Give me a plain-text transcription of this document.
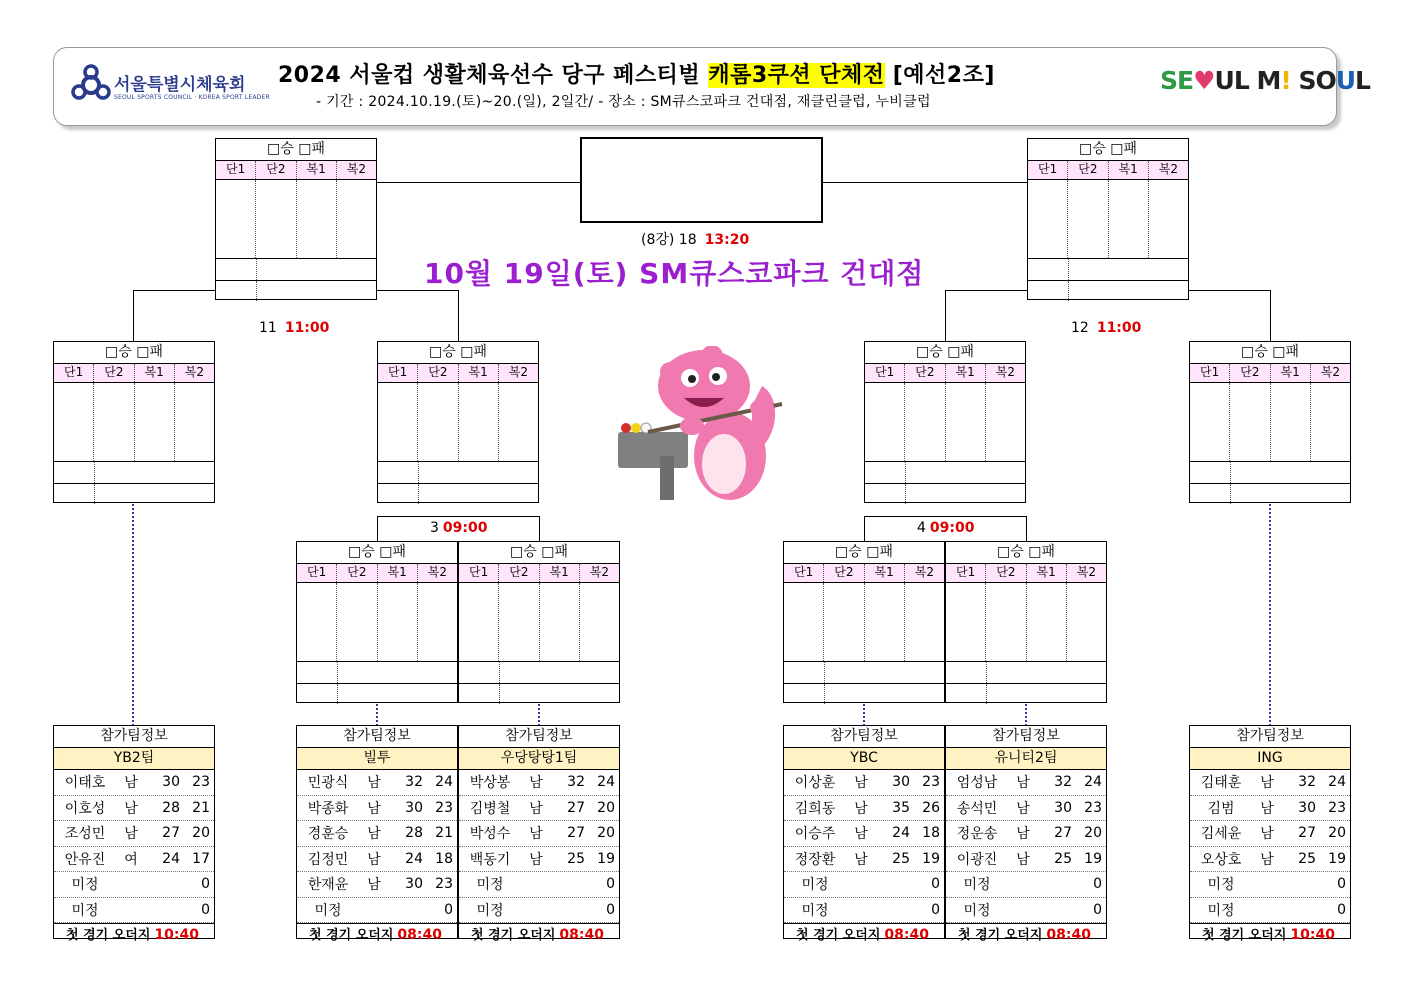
서울특별시체육회
SEOUL SPORTS COUNCIL · KOREA SPORT LEADER
2024 서울컵 생활체육선수 당구 페스티벌 캐롬3쿠션 단체전 [예선2조]
- 기간 : 2024.10.19.(토)~20.(일), 2일간/ - 장소 : SM큐스코파크 건대점, 재클린클럽, 누비클럽
SE♥UL M! SOUL
(8강) 18 13:20
10월 19일(토) SM큐스코파크 건대점
11 11:00	12 11:00
3 09:00	4 09:00
□승 □패
단1	단2	복1	복2
□승 □패
단1	단2	복1	복2
□승 □패
단1	단2	복1	복2
□승 □패
단1	단2	복1	복2
□승 □패
단1	단2	복1	복2
□승 □패
단1	단2	복1	복2
□승 □패
단1	단2	복1	복2
□승 □패
단1	단2	복1	복2
□승 □패
단1	단2	복1	복2
□승 □패
단1	단2	복1	복2
참가팀정보
YB2팀
이태호	남	30 23
이호성	남	28 21
조성민	남	27 20
안유진	여	24 17
미정	0
미정	0
첫 경기 오더지 10:40
참가팀정보
빌투
민광식	남	32 24
박종화	남	30 23
경훈승	남	28 21
김정민	남	24 18
한재윤	남	30 23
미정	0
첫 경기 오더지 08:40
참가팀정보
우당탕탕1팀
박상봉	남	32 24
김병철	남	27 20
박성수	남	27 20
백동기	남	25 19
미정	0
미정	0
첫 경기 오더지 08:40
참가팀정보
YBC
이상훈	남	30 23
김희동	남	35 26
이승주	남	24 18
정장환	남	25 19
미정	0
미정	0
첫 경기 오더지 08:40
참가팀정보
유니티2팀
엄성남	남	32 24
송석민	남	30 23
정운송	남	27 20
이광진	남	25 19
미정	0
미정	0
첫 경기 오더지 08:40
참가팀정보
ING
김태훈	남	32 24
김범	남	30 23
김세윤	남	27 20
오상호	남	25 19
미정	0
미정	0
첫 경기 오더지 10:40
